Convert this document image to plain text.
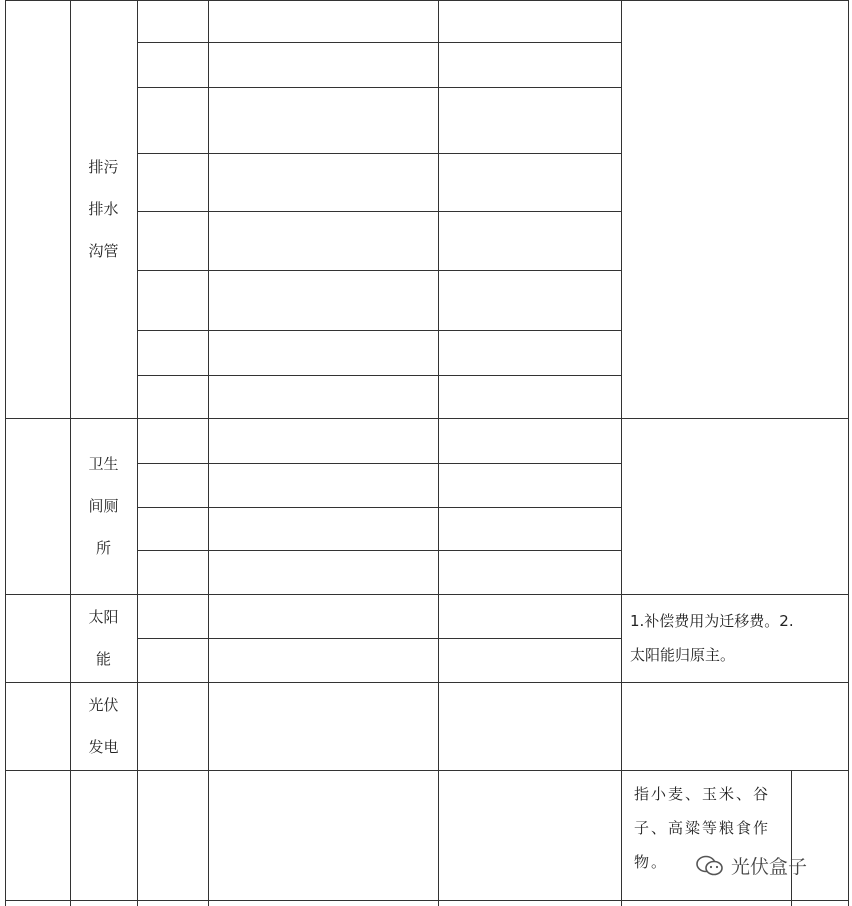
排污
排水
沟管
卫生
间厕
所
太阳
能
1.补偿费用为迁移费。2.
太阳能归原主。
光伏
发电
指小麦、玉米、谷
子、高粱等粮食作
物。	光伏盒子
